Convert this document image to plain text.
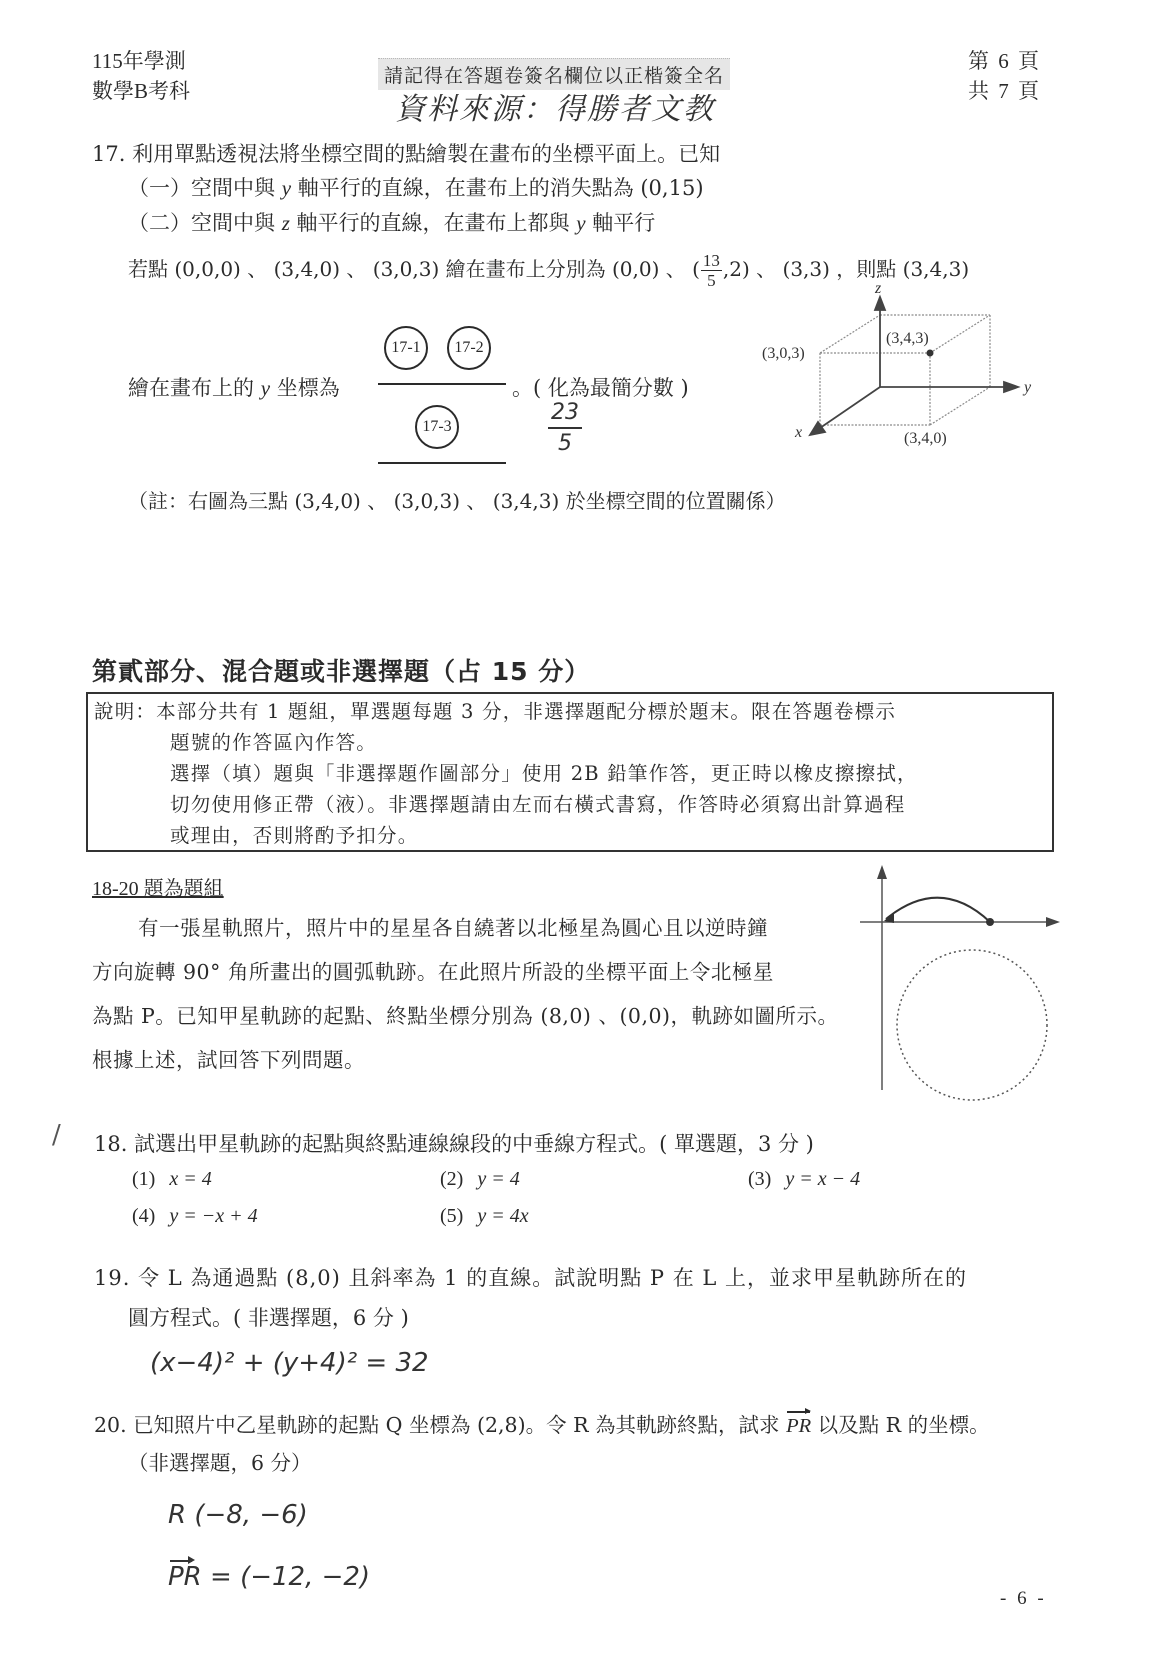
115年學測
數學B考科
請記得在答題卷簽名欄位以正楷簽全名
資料來源：得勝者文教
第 6 頁
共 7 頁
17. 利用單點透視法將坐標空間的點繪製在畫布的坐標平面上。已知
（一）空間中與 y 軸平行的直線，在畫布上的消失點為 (0,15)
（二）空間中與 z 軸平行的直線，在畫布上都與 y 軸平行
若點 (0,0,0) 、 (3,4,0) 、 (3,0,3) 繪在畫布上分別為 (0,0) 、 ( $\frac{13}{5} ,2$) 、 (3,3) ，則點 (3,4,3)
繪在畫布上的 y 坐標為
17-1	17-2
17-3
。( 化為最簡分數 )
23
5
z
y
x
(3,0,3)
(3,4,3)
(3,4,0)
（註：右圖為三點 (3,4,0) 、 (3,0,3) 、 (3,4,3) 於坐標空間的位置關係）
第貳部分、混合題或非選擇題（占 15 分）
說明： 本部分共有 1 題組，單選題每題 3 分，非選擇題配分標於題末。限在答題卷標示
題號的作答區內作答。
選擇（填）題與「非選擇題作圖部分」使用 2B 鉛筆作答，更正時以橡皮擦擦拭，
切勿使用修正帶（液）。非選擇題請由左而右橫式書寫，作答時必須寫出計算過程
或理由，否則將酌予扣分。
18-20 題為題組
有一張星軌照片，照片中的星星各自繞著以北極星為圓心且以逆時鐘
方向旋轉 90° 角所畫出的圓弧軌跡。在此照片所設的坐標平面上令北極星
為點 P。已知甲星軌跡的起點、終點坐標分別為 (8,0) 、(0,0)，軌跡如圖所示。
根據上述，試回答下列問題。
/ 18. 試選出甲星軌跡的起點與終點連線線段的中垂線方程式。( 單選題，3 分 )
(1) x = 4	(2) y = 4	(3) y = x − 4
(4) y = −x + 4	(5) y = 4x
19. 令 L 為通過點 (8,0) 且斜率為 1 的直線。試說明點 P 在 L 上，並求甲星軌跡所在的
圓方程式。( 非選擇題，6 分 )
(x−4)² + (y+4)² = 32
20. 已知照片中乙星軌跡的起點 Q 坐標為 (2,8)。令 R 為其軌跡終點，試求 PR 以及點 R 的坐標。
（非選擇題，6 分）
R (−8, −6)
PR = (−12, −2)
- 6 -
